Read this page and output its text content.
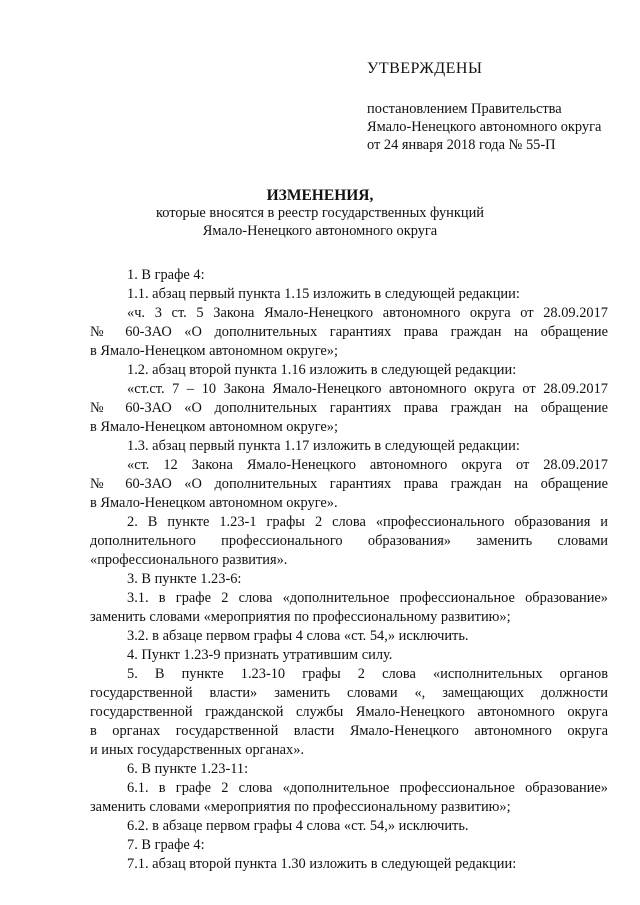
УТВЕРЖДЕНЫ
постановлением Правительства
Ямало-Ненецкого автономного округа
от 24 января 2018 года № 55-П
ИЗМЕНЕНИЯ,
которые вносятся в реестр государственных функций
Ямало-Ненецкого автономного округа
1. В графе 4:
1.1. абзац первый пункта 1.15 изложить в следующей редакции:
«ч. 3 ст. 5 Закона Ямало-Ненецкого автономного округа от 28.09.2017
№ 60-ЗАО «О дополнительных гарантиях права граждан на обращение
в Ямало-Ненецком автономном округе»;
1.2. абзац второй пункта 1.16 изложить в следующей редакции:
«ст.ст. 7 – 10 Закона Ямало-Ненецкого автономного округа от 28.09.2017
№ 60-ЗАО «О дополнительных гарантиях права граждан на обращение
в Ямало-Ненецком автономном округе»;
1.3. абзац первый пункта 1.17 изложить в следующей редакции:
«ст. 12 Закона Ямало-Ненецкого автономного округа от 28.09.2017
№ 60-ЗАО «О дополнительных гарантиях права граждан на обращение
в Ямало-Ненецком автономном округе».
2. В пункте 1.23-1 графы 2 слова «профессионального образования и
дополнительного профессионального образования» заменить словами
«профессионального развития».
3. В пункте 1.23-6:
3.1. в графе 2 слова «дополнительное профессиональное образование»
заменить словами «мероприятия по профессиональному развитию»;
3.2. в абзаце первом графы 4 слова «ст. 54,» исключить.
4. Пункт 1.23-9 признать утратившим силу.
5. В пункте 1.23-10 графы 2 слова «исполнительных органов
государственной власти» заменить словами «, замещающих должности
государственной гражданской службы Ямало-Ненецкого автономного округа
в органах государственной власти Ямало-Ненецкого автономного округа
и иных государственных органах».
6. В пункте 1.23-11:
6.1. в графе 2 слова «дополнительное профессиональное образование»
заменить словами «мероприятия по профессиональному развитию»;
6.2. в абзаце первом графы 4 слова «ст. 54,» исключить.
7. В графе 4:
7.1. абзац второй пункта 1.30 изложить в следующей редакции:
